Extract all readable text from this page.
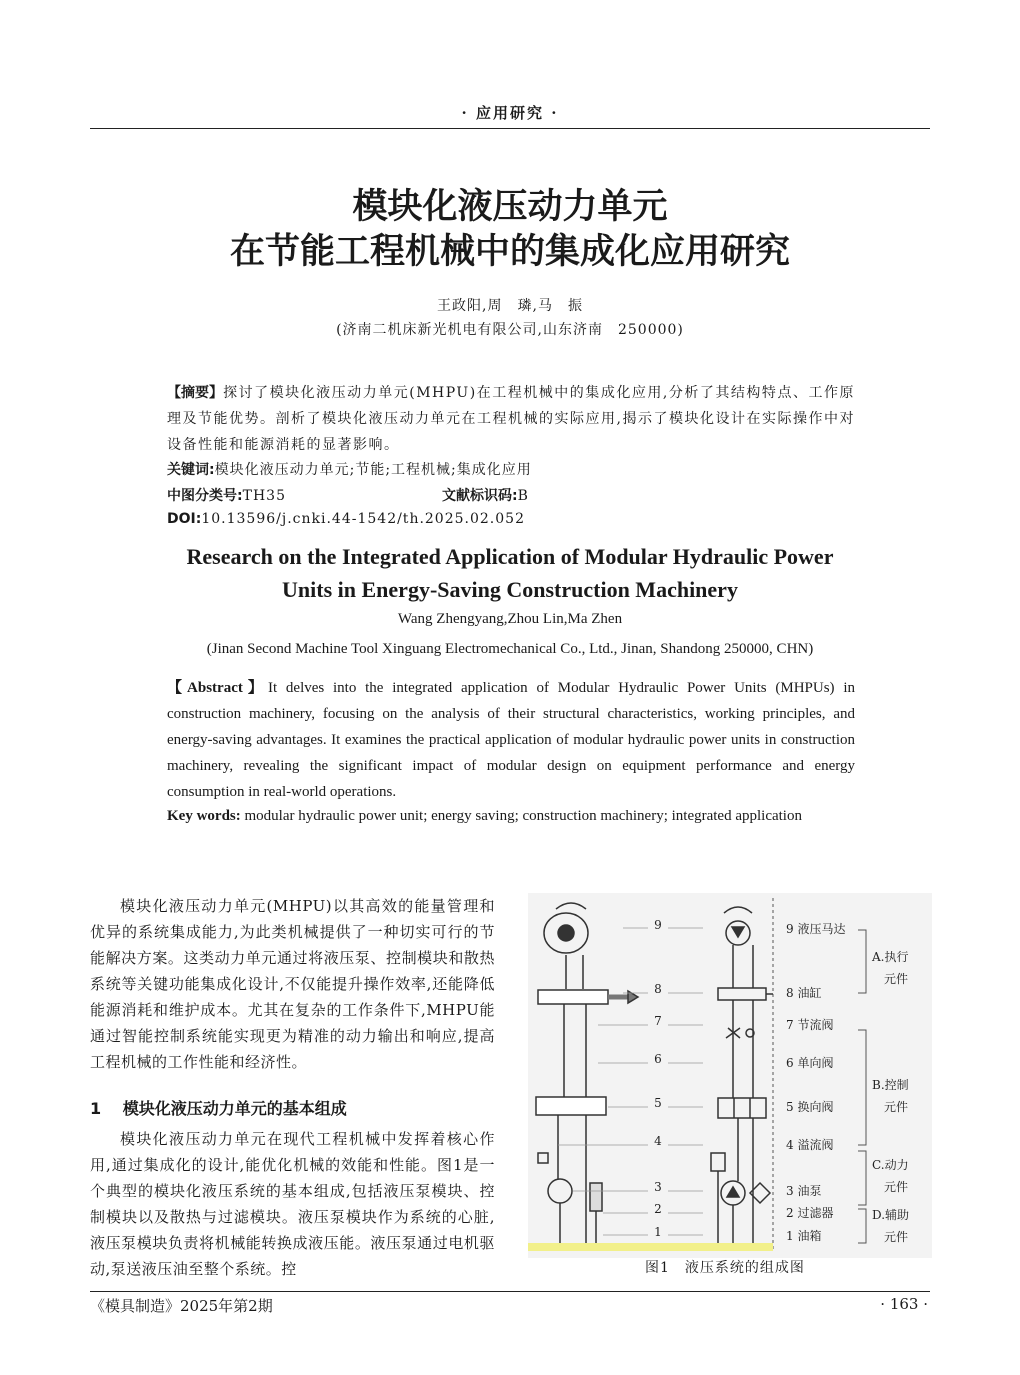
· 应用研究 ·
模块化液压动力单元
在节能工程机械中的集成化应用研究
王政阳,周　璘,马　振
(济南二机床新光机电有限公司,山东济南　250000)
【摘要】探讨了模块化液压动力单元(MHPU)在工程机械中的集成化应用,分析了其结构特点、工作原理及节能优势。剖析了模块化液压动力单元在工程机械的实际应用,揭示了模块化设计在实际操作中对设备性能和能源消耗的显著影响。
关键词:模块化液压动力单元;节能;工程机械;集成化应用
中图分类号:TH35	文献标识码:B
DOI:10.13596/j.cnki.44-1542/th.2025.02.052
Research on the Integrated Application of Modular Hydraulic Power
Units in Energy-Saving Construction Machinery
Wang Zhengyang,Zhou Lin,Ma Zhen
(Jinan Second Machine Tool Xinguang Electromechanical Co., Ltd., Jinan, Shandong 250000, CHN)
【Abstract】It delves into the integrated application of Modular Hydraulic Power Units (MHPUs) in construction machinery, focusing on the analysis of their structural characteristics, working principles, and energy-saving advantages. It examines the practical application of modular hydraulic power units in construction machinery, revealing the significant impact of modular design on equipment performance and energy consumption in real-world operations.
Key words: modular hydraulic power unit; energy saving; construction machinery; integrated application
模块化液压动力单元(MHPU)以其高效的能量管理和优异的系统集成能力,为此类机械提供了一种切实可行的节能解决方案。这类动力单元通过将液压泵、控制模块和散热系统等关键功能集成化设计,不仅能提升操作效率,还能降低能源消耗和维护成本。尤其在复杂的工作条件下,MHPU能通过智能控制系统能实现更为精准的动力输出和响应,提高工程机械的工作性能和经济性。
1　 模块化液压动力单元的基本组成
模块化液压动力单元在现代工程机械中发挥着核心作用,通过集成化的设计,能优化机械的效能和性能。图1是一个典型的模块化液压系统的基本组成,包括液压泵模块、控制模块以及散热与过滤模块。液压泵模块作为系统的心脏,液压泵模块负责将机械能转换成液压能。液压泵通过电机驱动,泵送液压油至整个系统。控
9
8
7
6
5
4
3
2
1
9 液压马达
8 油缸
7 节流阀
6 单向阀
5 换向阀
4 溢流阀
3 油泵
2 过滤器
1 油箱
A.执行
元件
B.控制
元件
C.动力
元件
D.辅助
元件
图1　液压系统的组成图
《模具制造》2025年第2期	· 163 ·
